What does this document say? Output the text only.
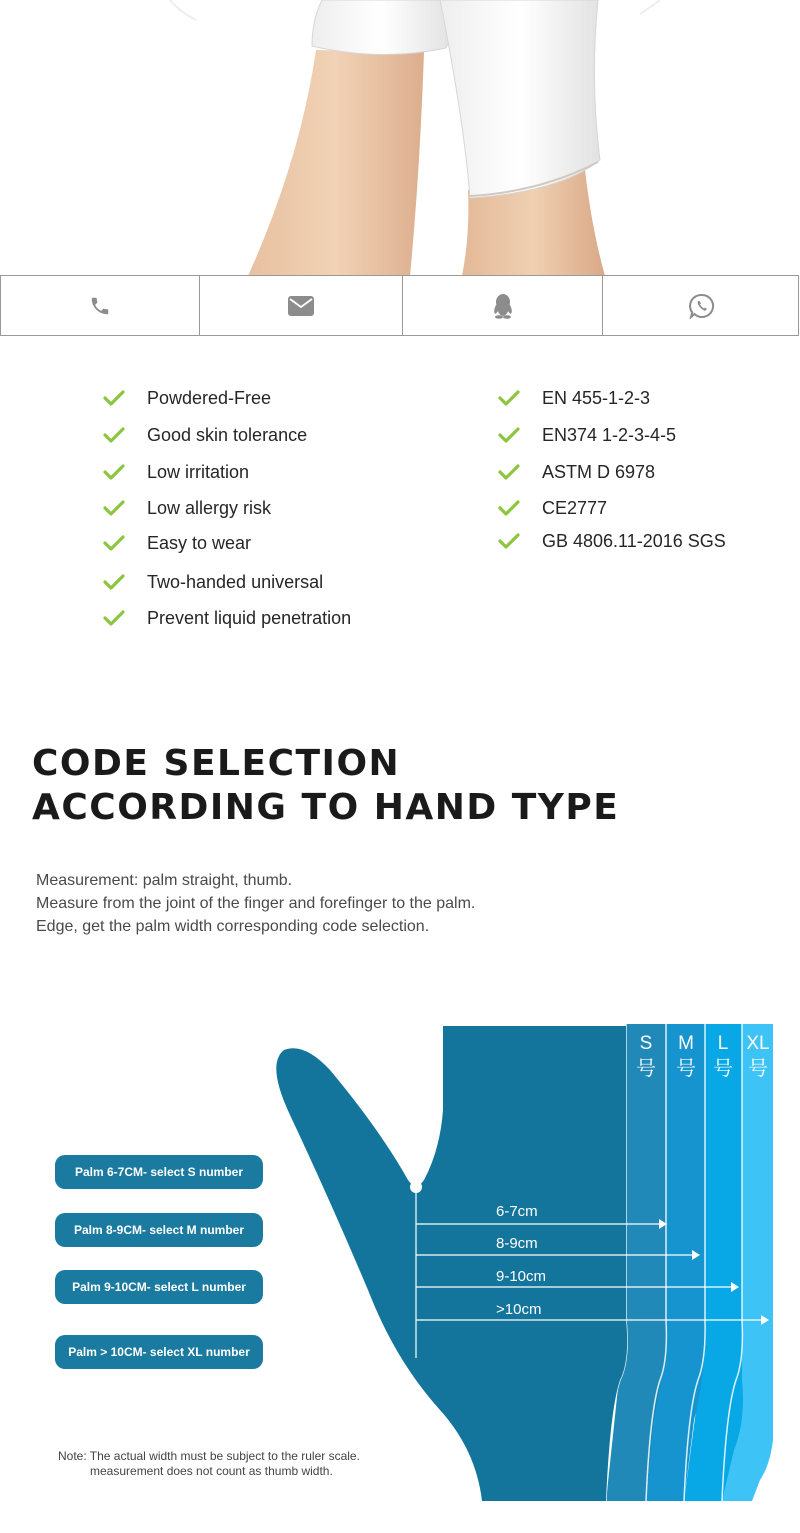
Powdered-Free
Good skin tolerance
Low irritation
Low allergy risk
Easy to wear
Two-handed universal
Prevent liquid penetration
EN 455-1-2-3
EN374 1-2-3-4-5
ASTM D 6978
CE2777
GB 4806.11-2016 SGS
CODE SELECTION
ACCORDING TO HAND TYPE
Measurement: palm straight, thumb.
Measure from the joint of the finger and forefinger to the palm.
Edge, get the palm width corresponding code selection.
6-7cm
8-9cm
9-10cm
>10cm
S
号
M
号
L
号
XL
号
Palm 6-7CM- select S number
Palm 8-9CM- select M number
Palm 9-10CM- select L number
Palm > 10CM- select XL number
Note: The actual width must be subject to the ruler scale.
measurement does not count as thumb width.
